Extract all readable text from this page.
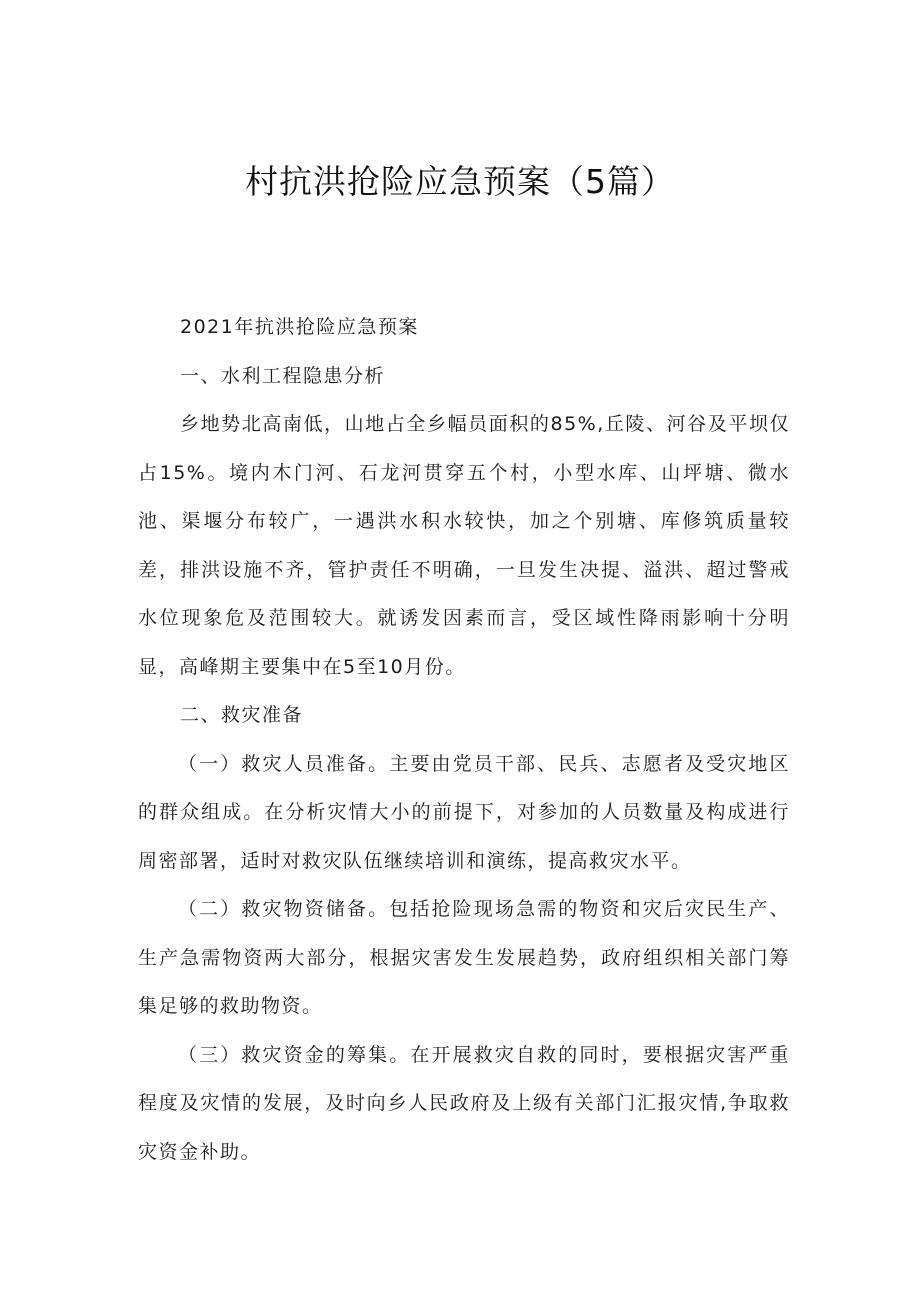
村抗洪抢险应急预案（5篇）

2021年抗洪抢险应急预案

一、水利工程隐患分析

乡地势北高南低，山地占全乡幅员面积的85%,丘陵、河谷及平坝仅占15%。境内木门河、石龙河贯穿五个村，小型水库、山坪塘、微水池、渠堰分布较广，一遇洪水积水较快，加之个别塘、库修筑质量较差，排洪设施不齐，管护责任不明确，一旦发生决提、溢洪、超过警戒水位现象危及范围较大。就诱发因素而言，受区域性降雨影响十分明显，高峰期主要集中在5至10月份。

二、救灾准备

（一）救灾人员准备。主要由党员干部、民兵、志愿者及受灾地区的群众组成。在分析灾情大小的前提下，对参加的人员数量及构成进行周密部署，适时对救灾队伍继续培训和演练，提高救灾水平。

（二）救灾物资储备。包括抢险现场急需的物资和灾后灾民生产、生产急需物资两大部分，根据灾害发生发展趋势，政府组织相关部门筹集足够的救助物资。

（三）救灾资金的筹集。在开展救灾自救的同时，要根据灾害严重程度及灾情的发展，及时向乡人民政府及上级有关部门汇报灾情,争取救灾资金补助。
